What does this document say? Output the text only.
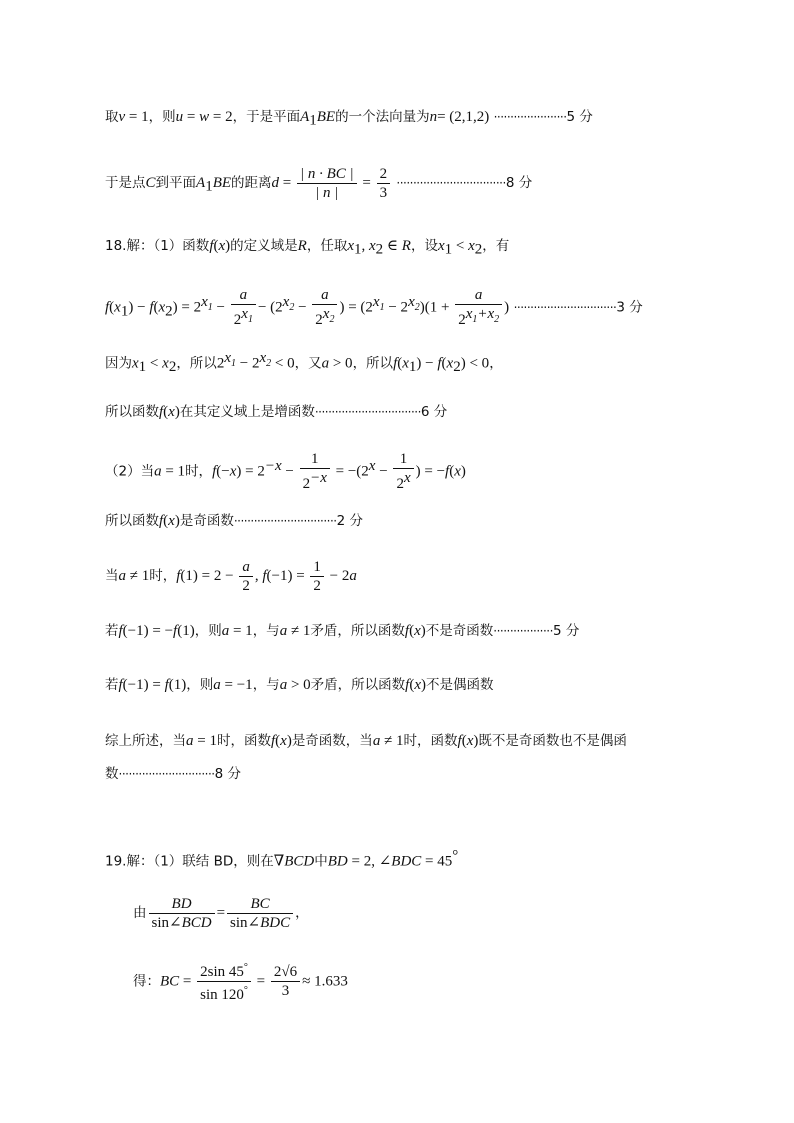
取v = 1，则u = w = 2，于是平面$A_1BE$的一个法向量为n= (2,1,2) ······················5 分
于是点C到平面$A_1BE$的距离$d = \frac{| n \cdot BC |}{| n |} = \frac{2}{3} \cdot\cdot\cdot\cdot\cdot\cdot\cdot\cdot\cdot\cdot\cdot\cdot\cdot\cdot\cdot\cdot\cdot\cdot\cdot\cdot\cdot\cdot\cdot\cdot\cdot\cdot\cdot\cdot\cdot\cdot\cdot\cdot\cdot 8$ 分
18.解：（1）函数f(x)的定义域是R，任取$x_1$, $x_2$ ∈ R，设$x_1 < x_2$，有
$f(x_1) - f(x_2) = 2^{x_1} - \frac{a}{2^{x_1}} - (2^{x_2} - \frac{a}{2^{x_2}}$ ) = $(2^{x_1} - 2^{x_2})(1 + \frac{a}{2^{x_1+x_2}}$ ) ·······························3 分
因为$x_1 < x_2$，所以$2^{x_1} - 2^{x_2} < 0$，又a > 0，所以$f(x_1) - f(x_2) < 0$，
所以函数f(x)在其定义域上是增函数································6 分
（2）当a = 1时，$f(-x) = 2^{-x} - \frac{1}{2^{-x}} = -(2^x - \frac{1}{2^x}$ ) = −f(x)
所以函数f(x)是奇函数·······························2 分
当a ≠ 1时，$f(1) = 2 - \frac{a}{2}$ , $f(-1) = \frac{1}{2} - 2a$
若f(−1) = −f(1)，则a = 1，与a ≠ 1矛盾，所以函数f(x)不是奇函数··················5 分
若f(−1) = f(1)，则a = −1，与a > 0矛盾，所以函数f(x)不是偶函数
综上所述，当a = 1时，函数f(x)是奇函数，当a ≠ 1时，函数f(x)既不是奇函数也不是偶函
数·····························8 分
19.解：（1）联结 BD，则在∇BCD中BD = 2, ∠BDC = 45°
由 $\frac{BD}{\text{sin∠BCD}} = \frac{BC}{\text{sin∠BDC}}$ ，
得：BC = $\frac{2\sin 45^\circ}{\sin 120^\circ} = \frac{2√6}{3} \approx 1.633$
